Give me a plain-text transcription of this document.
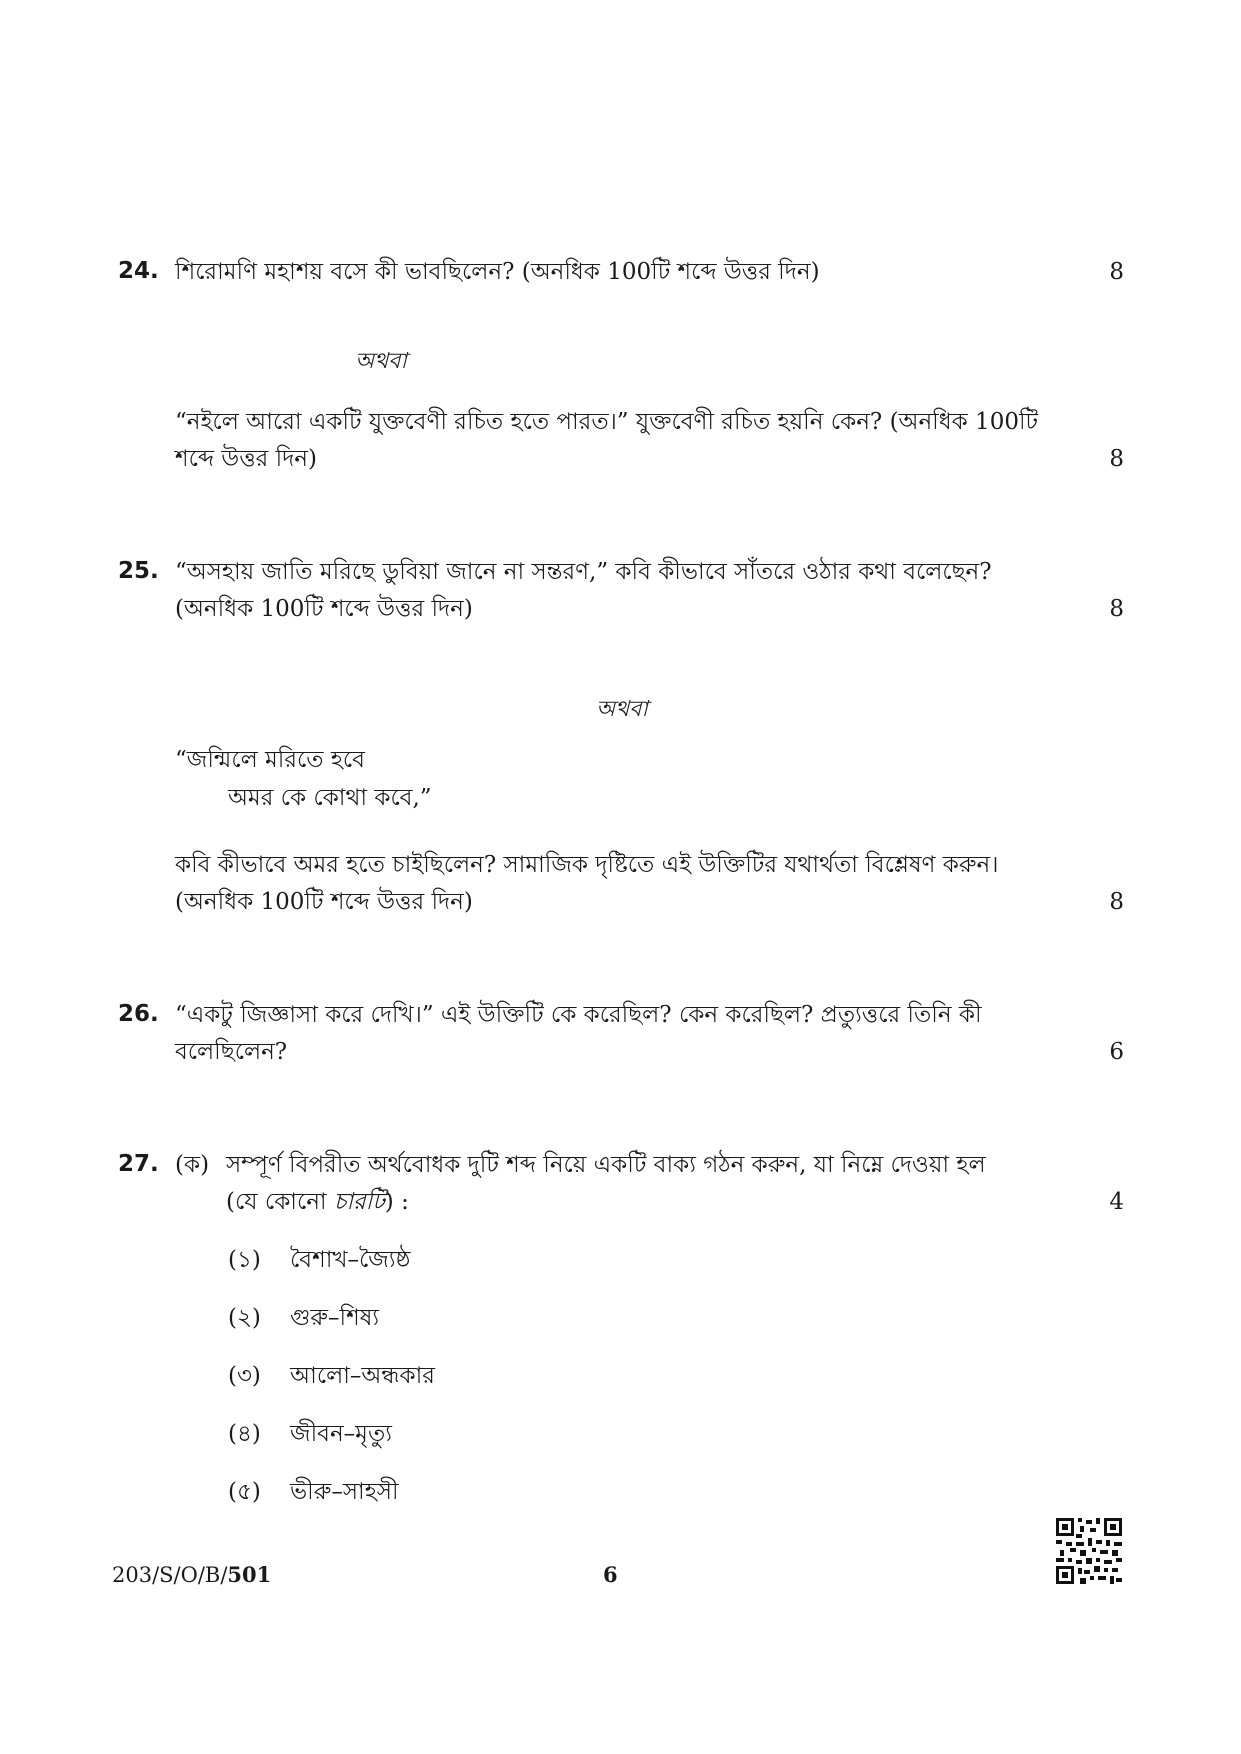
24. শিরোমণি মহাশয় বসে কী ভাবছিলেন? (অনধিক 100টি শব্দে উত্তর দিন)	8
অথবা
“নইলে আরো একটি যুক্তবেণী রচিত হতে পারত।” যুক্তবেণী রচিত হয়নি কেন? (অনধিক 100টি
শব্দে উত্তর দিন)	8
25. “অসহায় জাতি মরিছে ডুবিয়া জানে না সন্তরণ,” কবি কীভাবে সাঁতরে ওঠার কথা বলেছেন?
(অনধিক 100টি শব্দে উত্তর দিন)	8
অথবা
“জন্মিলে মরিতে হবে
অমর কে কোথা কবে,”
কবি কীভাবে অমর হতে চাইছিলেন? সামাজিক দৃষ্টিতে এই উক্তিটির যথার্থতা বিশ্লেষণ করুন।
(অনধিক 100টি শব্দে উত্তর দিন)	8
26. “একটু জিজ্ঞাসা করে দেখি।” এই উক্তিটি কে করেছিল? কেন করেছিল? প্রত্যুত্তরে তিনি কী
বলেছিলেন?	6
27. (ক) সম্পূর্ণ বিপরীত অর্থবোধক দুটি শব্দ নিয়ে একটি বাক্য গঠন করুন, যা নিম্নে দেওয়া হল
(যে কোনো চারটি) :	4
(১) বৈশাখ–জ্যৈষ্ঠ
(২) গুরু–শিষ্য
(৩) আলো–অন্ধকার
(৪) জীবন–মৃত্যু
(৫) ভীরু–সাহসী
203/S/O/B/501	6
